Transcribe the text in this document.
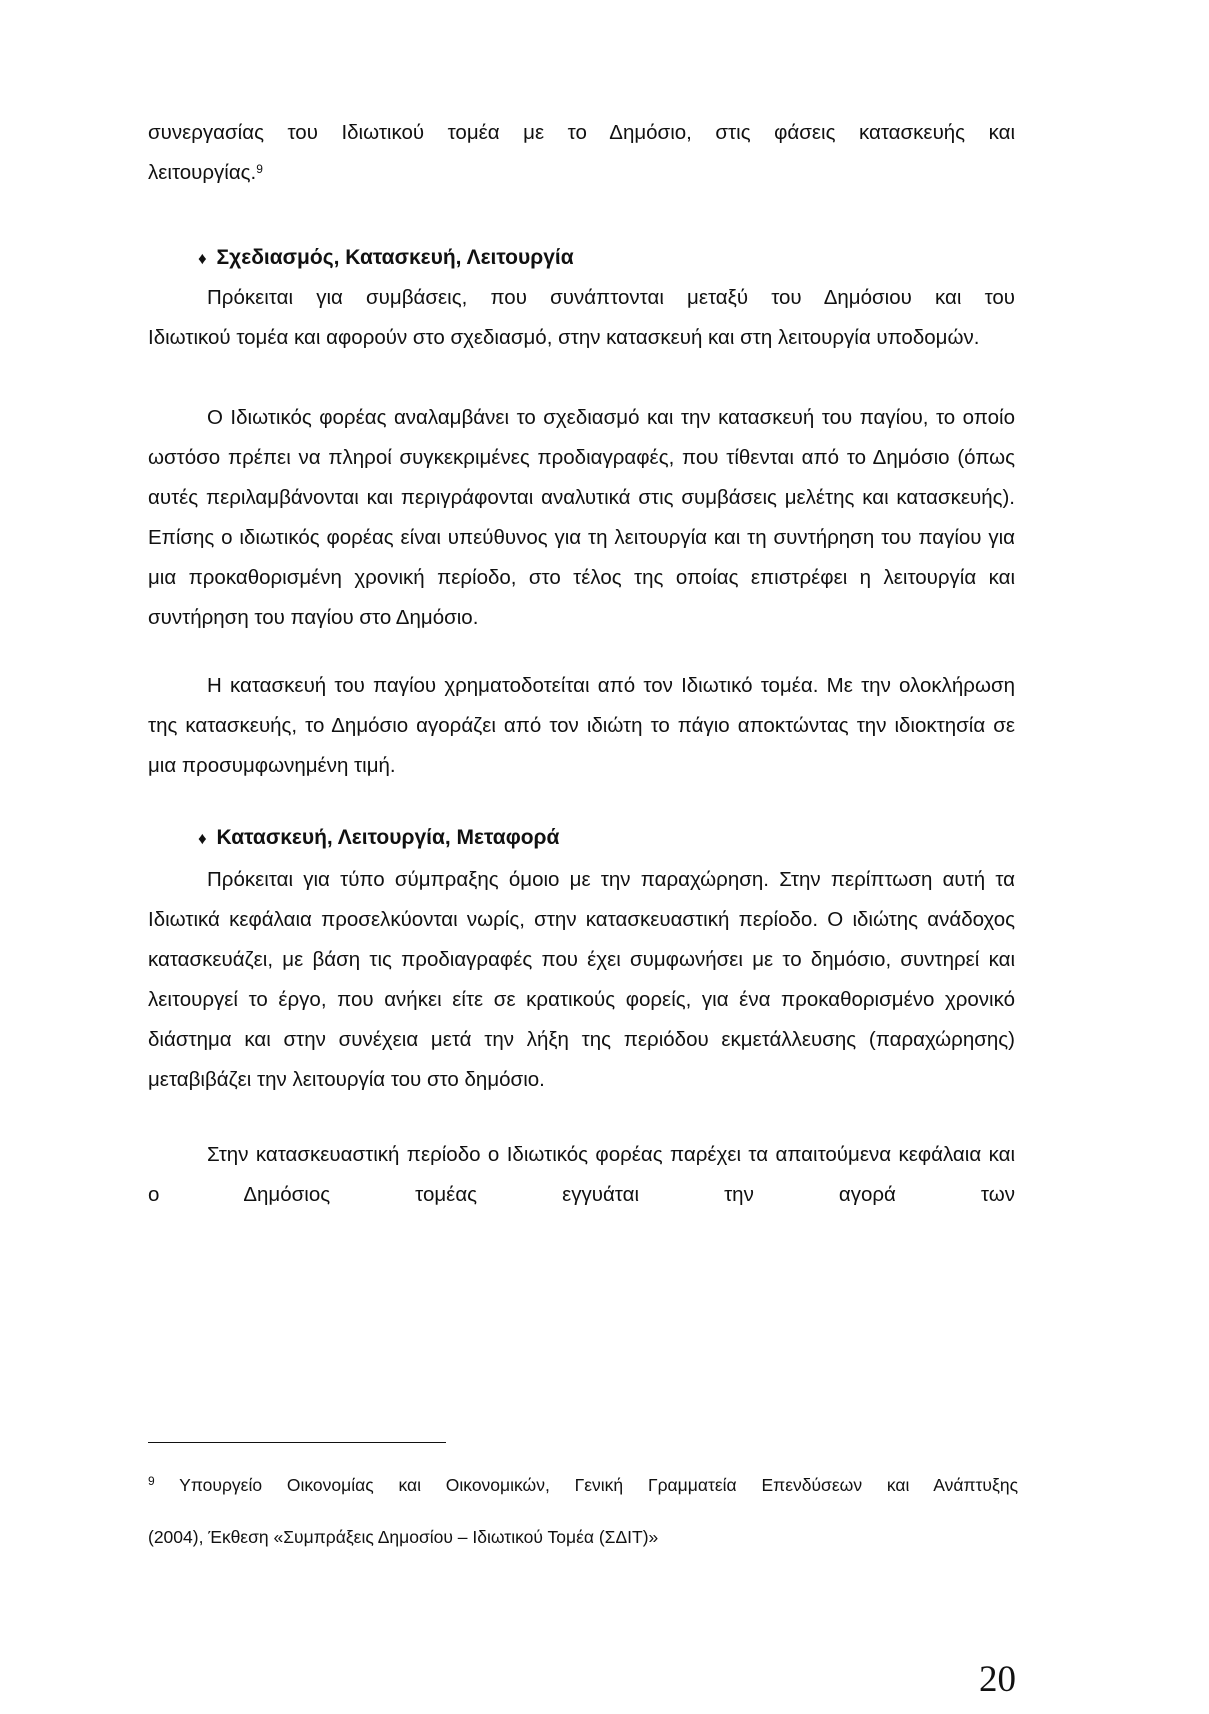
συνεργασίας του Ιδιωτικού τομέα με το Δημόσιο, στις φάσεις κατασκευής και
λειτουργίας.$^9$
♦ Σχεδιασμός, Κατασκευή, Λειτουργία
Πρόκειται για συμβάσεις, που συνάπτονται μεταξύ του Δημόσιου και του
Ιδιωτικού τομέα και αφορούν στο σχεδιασμό, στην κατασκευή και στη λειτουργία υποδομών.
Ο Ιδιωτικός φορέας αναλαμβάνει το σχεδιασμό και την κατασκευή του παγίου, το οποίο ωστόσο πρέπει να πληροί συγκεκριμένες προδιαγραφές, που τίθενται από το Δημόσιο (όπως αυτές περιλαμβάνονται και περιγράφονται αναλυτικά στις συμβάσεις μελέτης και κατασκευής). Επίσης ο ιδιωτικός φορέας είναι υπεύθυνος για τη λειτουργία και τη συντήρηση του παγίου για μια προκαθορισμένη χρονική περίοδο, στο τέλος της οποίας επιστρέφει η λειτουργία και συντήρηση του παγίου στο Δημόσιο.
Η κατασκευή του παγίου χρηματοδοτείται από τον Ιδιωτικό τομέα. Με την ολοκλήρωση της κατασκευής, το Δημόσιο αγοράζει από τον ιδιώτη το πάγιο αποκτώντας την ιδιοκτησία σε μια προσυμφωνημένη τιμή.
♦ Κατασκευή, Λειτουργία, Μεταφορά
Πρόκειται για τύπο σύμπραξης όμοιο με την παραχώρηση. Στην περίπτωση αυτή τα Ιδιωτικά κεφάλαια προσελκύονται νωρίς, στην κατασκευαστική περίοδο. Ο ιδιώτης ανάδοχος κατασκευάζει, με βάση τις προδιαγραφές που έχει συμφωνήσει με το δημόσιο, συντηρεί και λειτουργεί το έργο, που ανήκει είτε σε κρατικούς φορείς, για ένα προκαθορισμένο χρονικό διάστημα και στην συνέχεια μετά την λήξη της περιόδου εκμετάλλευσης (παραχώρησης) μεταβιβάζει την λειτουργία του στο δημόσιο.
Στην κατασκευαστική περίοδο ο Ιδιωτικός φορέας παρέχει τα απαιτούμενα κεφάλαια και ο Δημόσιος τομέας εγγυάται την αγορά των
$^9$ Υπουργείο Οικονομίας και Οικονομικών, Γενική Γραμματεία Επενδύσεων και Ανάπτυξης
(2004), Έκθεση «Συμπράξεις Δημοσίου – Ιδιωτικού Τομέα (ΣΔΙΤ)»
20
